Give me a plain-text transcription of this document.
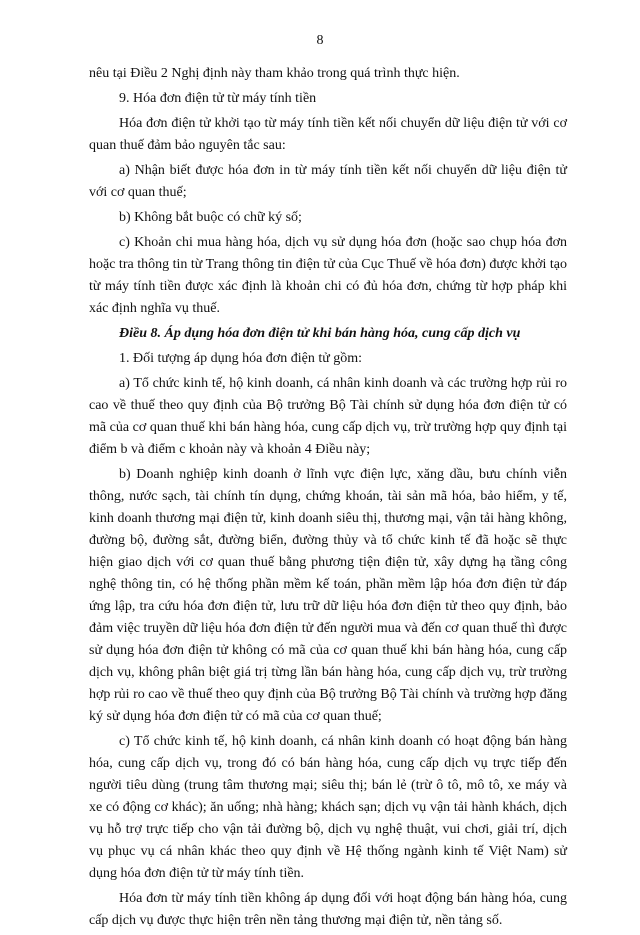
8

nêu tại Điều 2 Nghị định này tham khảo trong quá trình thực hiện.

9. Hóa đơn điện tử từ máy tính tiền

Hóa đơn điện tử khởi tạo từ máy tính tiền kết nối chuyển dữ liệu điện tử với cơ quan thuế đảm bảo nguyên tắc sau:

a) Nhận biết được hóa đơn in từ máy tính tiền kết nối chuyển dữ liệu điện tử với cơ quan thuế;

b) Không bắt buộc có chữ ký số;

c) Khoản chi mua hàng hóa, dịch vụ sử dụng hóa đơn (hoặc sao chụp hóa đơn hoặc tra thông tin từ Trang thông tin điện tử của Cục Thuế về hóa đơn) được khởi tạo từ máy tính tiền được xác định là khoản chi có đủ hóa đơn, chứng từ hợp pháp khi xác định nghĩa vụ thuế.

Điều 8. Áp dụng hóa đơn điện tử khi bán hàng hóa, cung cấp dịch vụ

1. Đối tượng áp dụng hóa đơn điện tử gồm:

a) Tổ chức kinh tế, hộ kinh doanh, cá nhân kinh doanh và các trường hợp rủi ro cao về thuế theo quy định của Bộ trưởng Bộ Tài chính sử dụng hóa đơn điện tử có mã của cơ quan thuế khi bán hàng hóa, cung cấp dịch vụ, trừ trường hợp quy định tại điểm b và điểm c khoản này và khoản 4 Điều này;

b) Doanh nghiệp kinh doanh ở lĩnh vực điện lực, xăng dầu, bưu chính viễn thông, nước sạch, tài chính tín dụng, chứng khoán, tài sản mã hóa, bảo hiểm, y tế, kinh doanh thương mại điện tử, kinh doanh siêu thị, thương mại, vận tải hàng không, đường bộ, đường sắt, đường biển, đường thủy và tổ chức kinh tế đã hoặc sẽ thực hiện giao dịch với cơ quan thuế bằng phương tiện điện tử, xây dựng hạ tầng công nghệ thông tin, có hệ thống phần mềm kế toán, phần mềm lập hóa đơn điện tử đáp ứng lập, tra cứu hóa đơn điện tử, lưu trữ dữ liệu hóa đơn điện tử theo quy định, bảo đảm việc truyền dữ liệu hóa đơn điện tử đến người mua và đến cơ quan thuế thì được sử dụng hóa đơn điện tử không có mã của cơ quan thuế khi bán hàng hóa, cung cấp dịch vụ, không phân biệt giá trị từng lần bán hàng hóa, cung cấp dịch vụ, trừ trường hợp rủi ro cao về thuế theo quy định của Bộ trưởng Bộ Tài chính và trường hợp đăng ký sử dụng hóa đơn điện tử có mã của cơ quan thuế;

c) Tổ chức kinh tế, hộ kinh doanh, cá nhân kinh doanh có hoạt động bán hàng hóa, cung cấp dịch vụ, trong đó có bán hàng hóa, cung cấp dịch vụ trực tiếp đến người tiêu dùng (trung tâm thương mại; siêu thị; bán lẻ (trừ ô tô, mô tô, xe máy và xe có động cơ khác); ăn uống; nhà hàng; khách sạn; dịch vụ vận tải hành khách, dịch vụ hỗ trợ trực tiếp cho vận tải đường bộ, dịch vụ nghệ thuật, vui chơi, giải trí, dịch vụ phục vụ cá nhân khác theo quy định về Hệ thống ngành kinh tế Việt Nam) sử dụng hóa đơn điện tử từ máy tính tiền.

Hóa đơn từ máy tính tiền không áp dụng đối với hoạt động bán hàng hóa, cung cấp dịch vụ được thực hiện trên nền tảng thương mại điện tử, nền tảng số.
